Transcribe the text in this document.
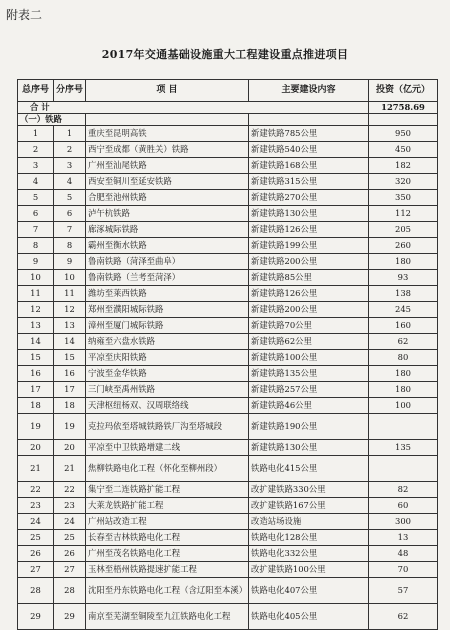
附表二
2017年交通基础设施重大工程建设重点推进项目
总序号	分序号	项 目	主要建设内容	投资（亿元）
合 计				12758.69
（一）铁路				
1	1	重庆至昆明高铁	新建铁路785公里	950
2	2	西宁至成都（黄胜关）铁路	新建铁路540公里	450
3	3	广州至汕尾铁路	新建铁路168公里	182
4	4	西安至铜川至延安铁路	新建铁路315公里	320
5	5	合肥至池州铁路	新建铁路270公里	350
6	6	泸午杭铁路	新建铁路130公里	112
7	7	廊涿城际铁路	新建铁路126公里	205
8	8	霸州至衡水铁路	新建铁路199公里	260
9	9	鲁南铁路（菏泽至曲阜）	新建铁路200公里	180
10	10	鲁南铁路（兰考至菏泽）	新建铁路85公里	93
11	11	潍坊至莱西铁路	新建铁路126公里	138
12	12	郑州至濮阳城际铁路	新建铁路200公里	245
13	13	漳州至厦门城际铁路	新建铁路70公里	160
14	14	纳雍至六盘水铁路	新建铁路62公里	62
15	15	平凉至庆阳铁路	新建铁路100公里	80
16	16	宁波至金华铁路	新建铁路135公里	180
17	17	三门峡至禹州铁路	新建铁路257公里	180
18	18	天津枢纽杨双、汉周联络线	新建铁路46公里	100
19	19	克拉玛依至塔城铁路铁厂沟至塔城段	新建铁路190公里	
20	20	平凉至中卫铁路增建二线	新建铁路130公里	135
21	21	焦柳铁路电化工程（怀化至柳州段）	铁路电化415公里	
22	22	集宁至二连铁路扩能工程	改扩建铁路330公里	82
23	23	大莱龙铁路扩能工程	改扩建铁路167公里	60
24	24	广州站改造工程	改造站场设施	300
25	25	长春至吉林铁路电化工程	铁路电化128公里	13
26	26	广州至茂名铁路电化工程	铁路电化332公里	48
27	27	玉林至梧州铁路提速扩能工程	改扩建铁路100公里	70
28	28	沈阳至丹东铁路电化工程（含辽阳至本溪）	铁路电化407公里	57
29	29	南京至芜湖至铜陵至九江铁路电化工程	铁路电化405公里	62
